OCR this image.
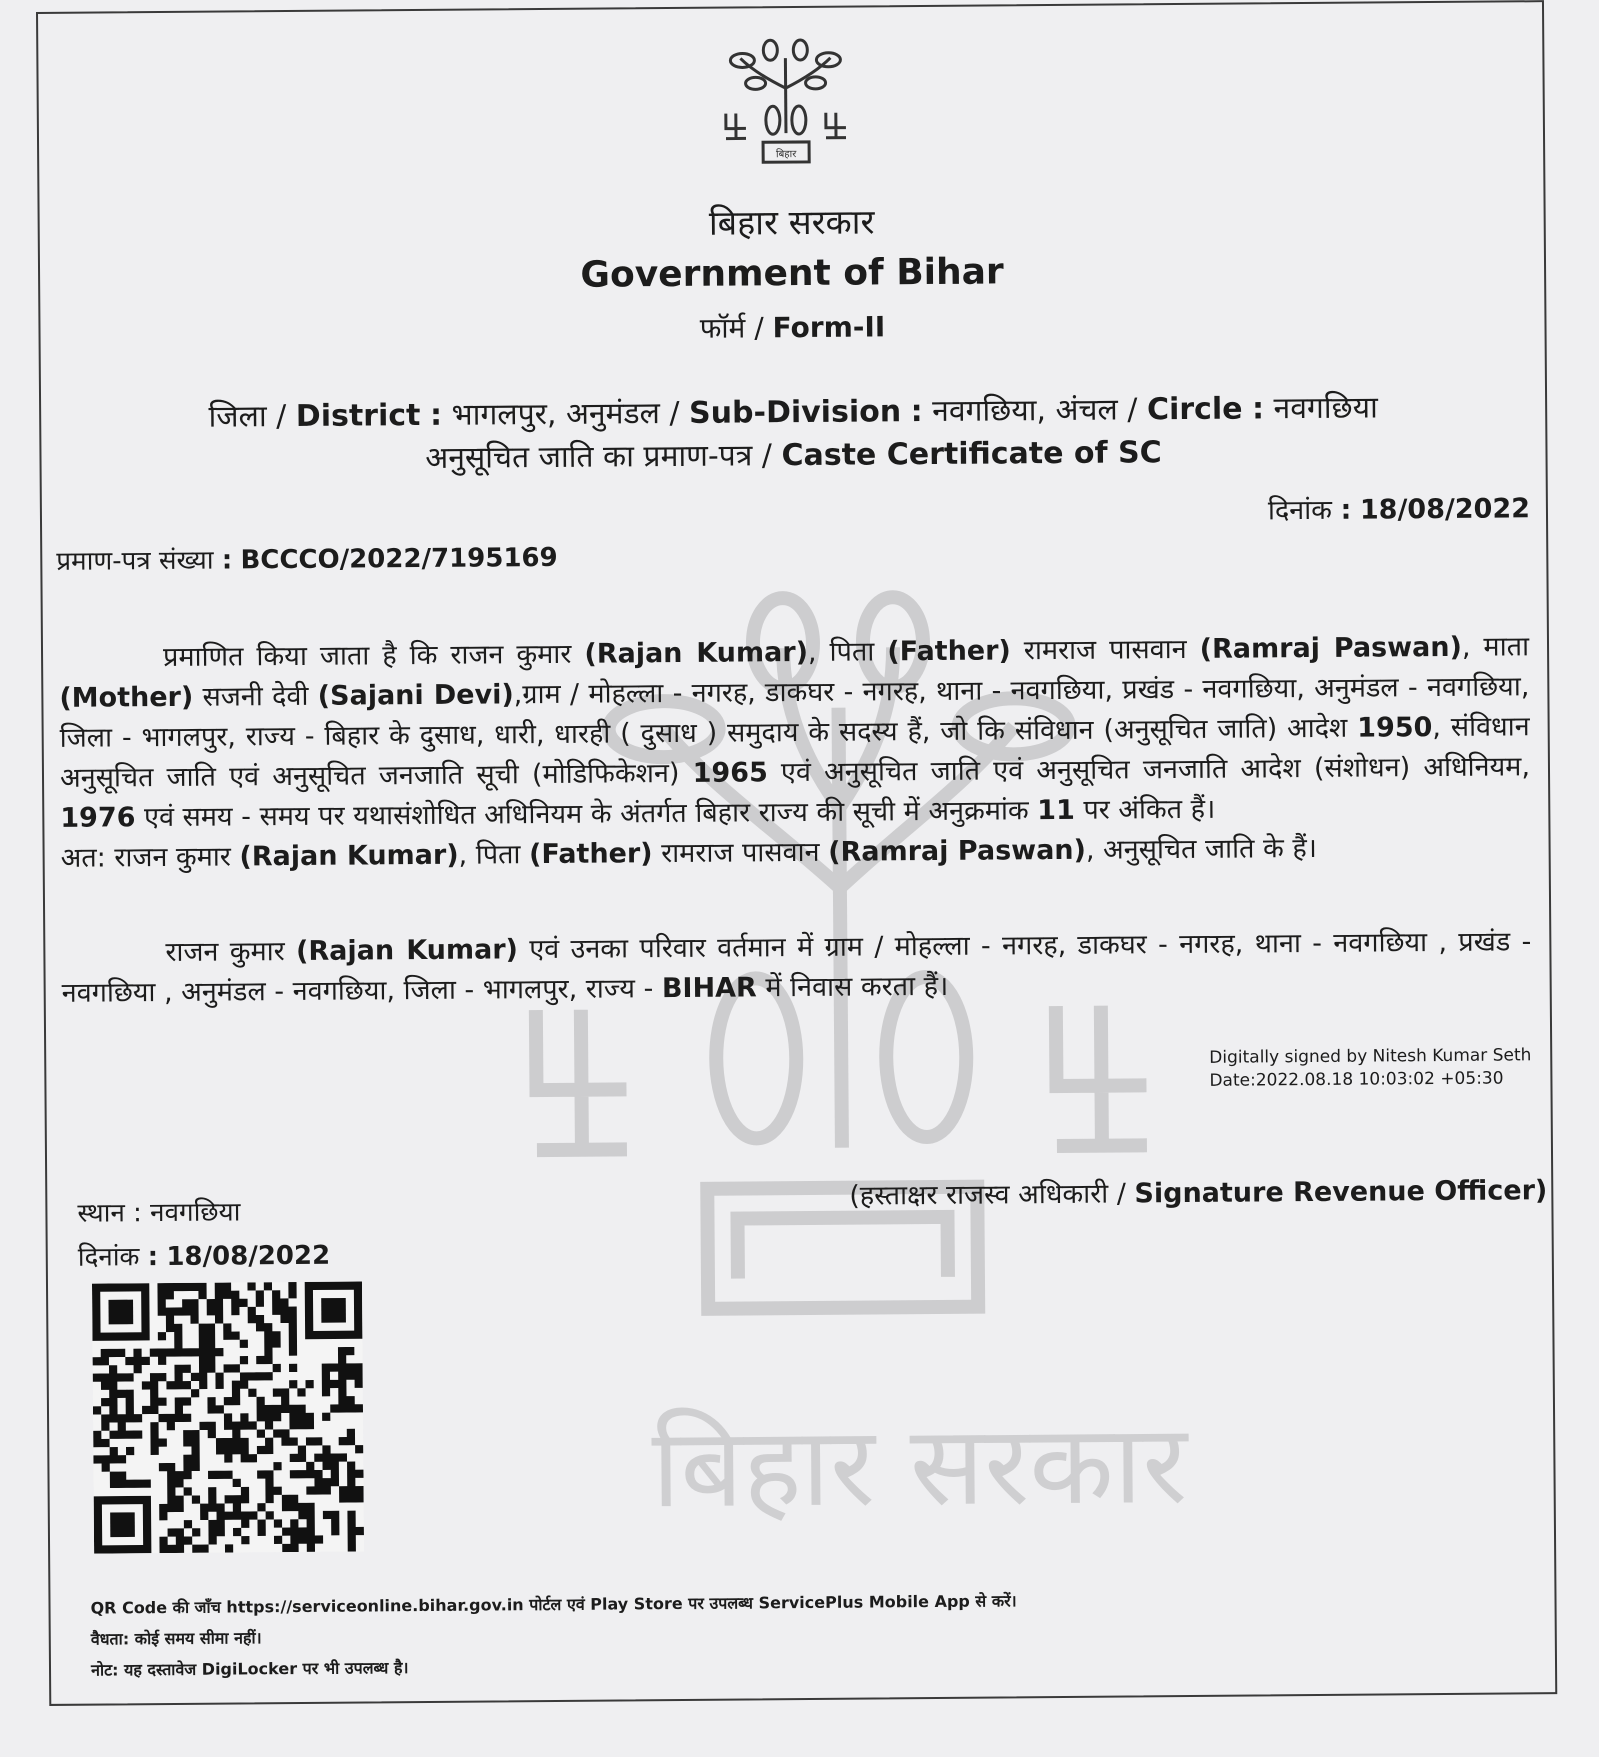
बिहार सरकार
बिहार
बिहार सरकार
Government of Bihar
फॉर्म / Form-II
जिला / District : भागलपुर, अनुमंडल / Sub-Division : नवगछिया, अंचल / Circle : नवगछिया
अनुसूचित जाति का प्रमाण-पत्र / Caste Certificate of SC
दिनांक : 18/08/2022
प्रमाण-पत्र संख्या : BCCCO/2022/7195169
प्रमाणित किया जाता है कि राजन कुमार (Rajan Kumar), पिता (Father) रामराज पासवान (Ramraj Paswan), माता (Mother) सजनी देवी (Sajani Devi),ग्राम / मोहल्ला - नगरह, डाकघर - नगरह, थाना - नवगछिया, प्रखंड - नवगछिया, अनुमंडल - नवगछिया, जिला - भागलपुर, राज्य - बिहार के दुसाध, धारी, धारही ( दुसाध ) समुदाय के सदस्य हैं, जो कि संविधान (अनुसूचित जाति) आदेश 1950, संविधान अनुसूचित जाति एवं अनुसूचित जनजाति सूची (मोडिफिकेशन) 1965 एवं अनुसूचित जाति एवं अनुसूचित जनजाति आदेश (संशोधन) अधिनियम, 1976 एवं समय - समय पर यथासंशोधित अधिनियम के अंतर्गत बिहार राज्य की सूची में अनुक्रमांक 11 पर अंकित हैं।
अत: राजन कुमार (Rajan Kumar), पिता (Father) रामराज पासवान (Ramraj Paswan), अनुसूचित जाति के हैं।
राजन कुमार (Rajan Kumar) एवं उनका परिवार वर्तमान में ग्राम / मोहल्ला - नगरह, डाकघर - नगरह, थाना - नवगछिया , प्रखंड - नवगछिया , अनुमंडल - नवगछिया, जिला - भागलपुर, राज्य - BIHAR में निवास करता हैं।
Digitally signed by Nitesh Kumar Seth
Date:2022.08.18 10:03:02 +05:30
स्थान : नवगछिया
दिनांक : 18/08/2022
(हस्ताक्षर राजस्व अधिकारी / Signature Revenue Officer)
QR Code की जाँच https://serviceonline.bihar.gov.in पोर्टल एवं Play Store पर उपलब्ध ServicePlus Mobile App से करें।
वैधता: कोई समय सीमा नहीं।
नोट: यह दस्तावेज DigiLocker पर भी उपलब्ध है।
